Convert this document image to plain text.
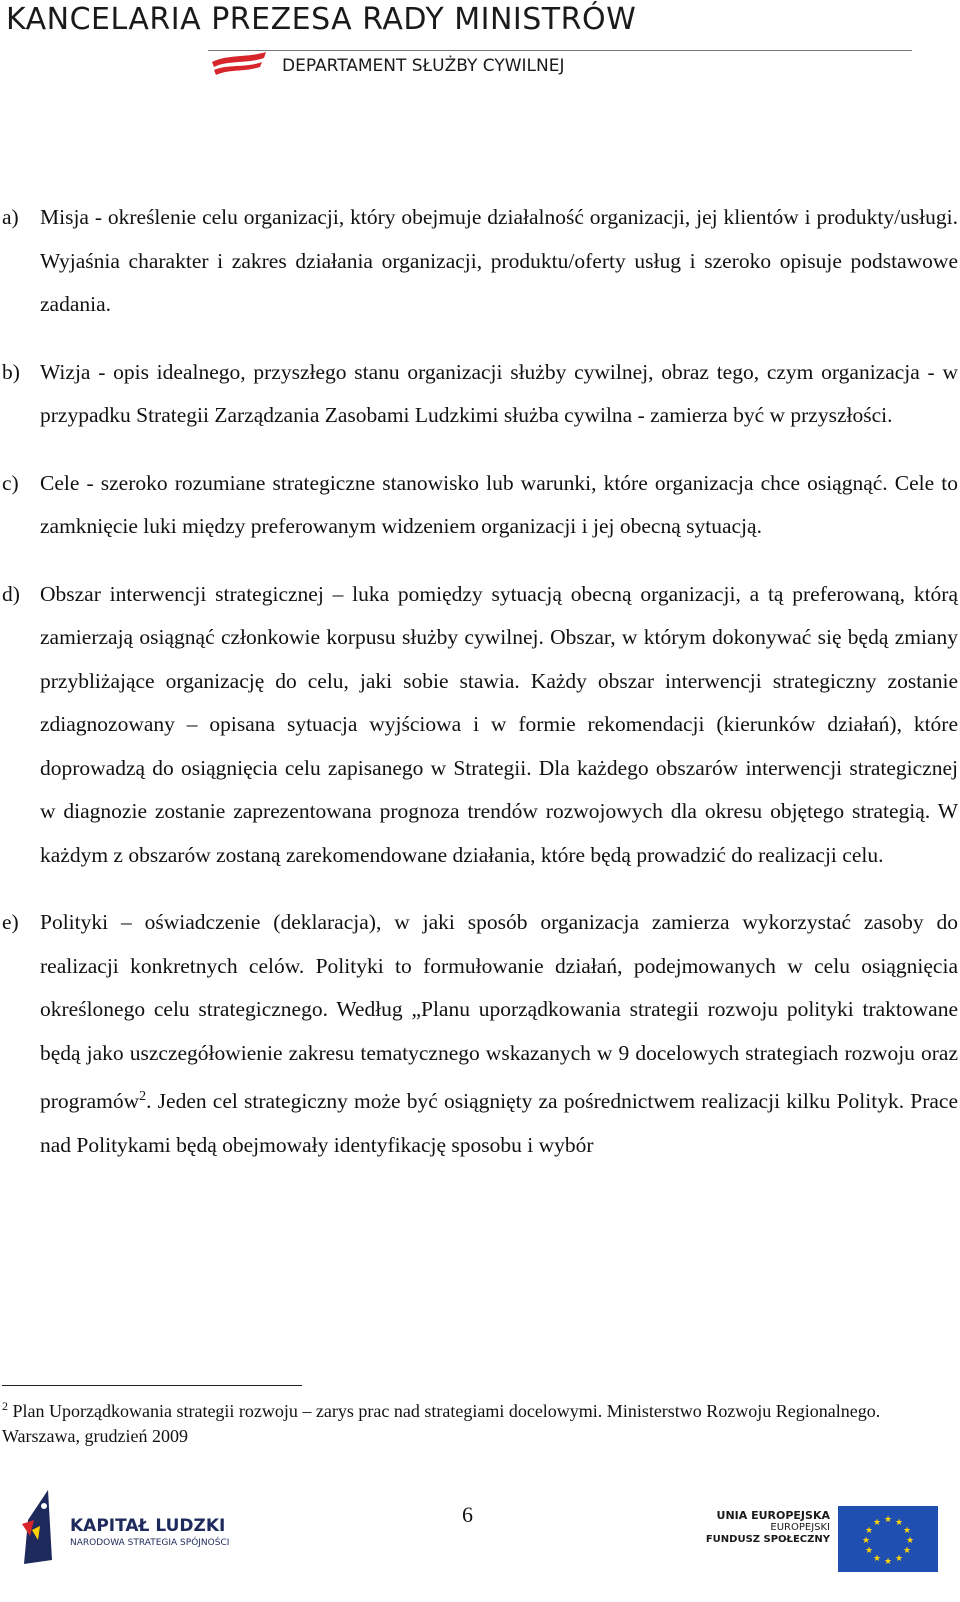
KANCELARIA PREZESA RADY MINISTRÓW
DEPARTAMENT SŁUŻBY CYWILNEJ
a) Misja - określenie celu organizacji, który obejmuje działalność organizacji, jej klientów i produkty/usługi. Wyjaśnia charakter i zakres działania organizacji, produktu/oferty usług i szeroko opisuje podstawowe zadania.

b) Wizja - opis idealnego, przyszłego stanu organizacji służby cywilnej, obraz tego, czym organizacja - w przypadku Strategii Zarządzania Zasobami Ludzkimi służba cywilna - zamierza być w przyszłości.

c) Cele - szeroko rozumiane strategiczne stanowisko lub warunki, które organizacja chce osiągnąć. Cele to zamknięcie luki między preferowanym widzeniem organizacji i jej obecną sytuacją.

d) Obszar interwencji strategicznej – luka pomiędzy sytuacją obecną organizacji, a tą preferowaną, którą zamierzają osiągnąć członkowie korpusu służby cywilnej. Obszar, w którym dokonywać się będą zmiany przybliżające organizację do celu, jaki sobie stawia. Każdy obszar interwencji strategiczny zostanie zdiagnozowany – opisana sytuacja wyjściowa i w formie rekomendacji (kierunków działań), które doprowadzą do osiągnięcia celu zapisanego w Strategii. Dla każdego obszarów interwencji strategicznej w diagnozie zostanie zaprezentowana prognoza trendów rozwojowych dla okresu objętego strategią. W każdym z obszarów zostaną zarekomendowane działania, które będą prowadzić do realizacji celu.

e) Polityki – oświadczenie (deklaracja), w jaki sposób organizacja zamierza wykorzystać zasoby do realizacji konkretnych celów. Polityki to formułowanie działań, podejmowanych w celu osiągnięcia określonego celu strategicznego. Według „Planu uporządkowania strategii rozwoju polityki traktowane będą jako uszczegółowienie zakresu tematycznego wskazanych w 9 docelowych strategiach rozwoju oraz programów$^2$. Jeden cel strategiczny może być osiągnięty za pośrednictwem realizacji kilku Polityk. Prace nad Politykami będą obejmowały identyfikację sposobu i wybór

$^2$ Plan Uporządkowania strategii rozwoju – zarys prac nad strategiami docelowymi. Ministerstwo Rozwoju Regionalnego. Warszawa, grudzień 2009
KAPITAŁ LUDZKI
NARODOWA STRATEGIA SPÓJNOŚCI
6	UNIA EUROPEJSKA
EUROPEJSKI
FUNDUSZ SPOŁECZNY
★ ★
★
★
★
★
★
★
★
★
★
★
